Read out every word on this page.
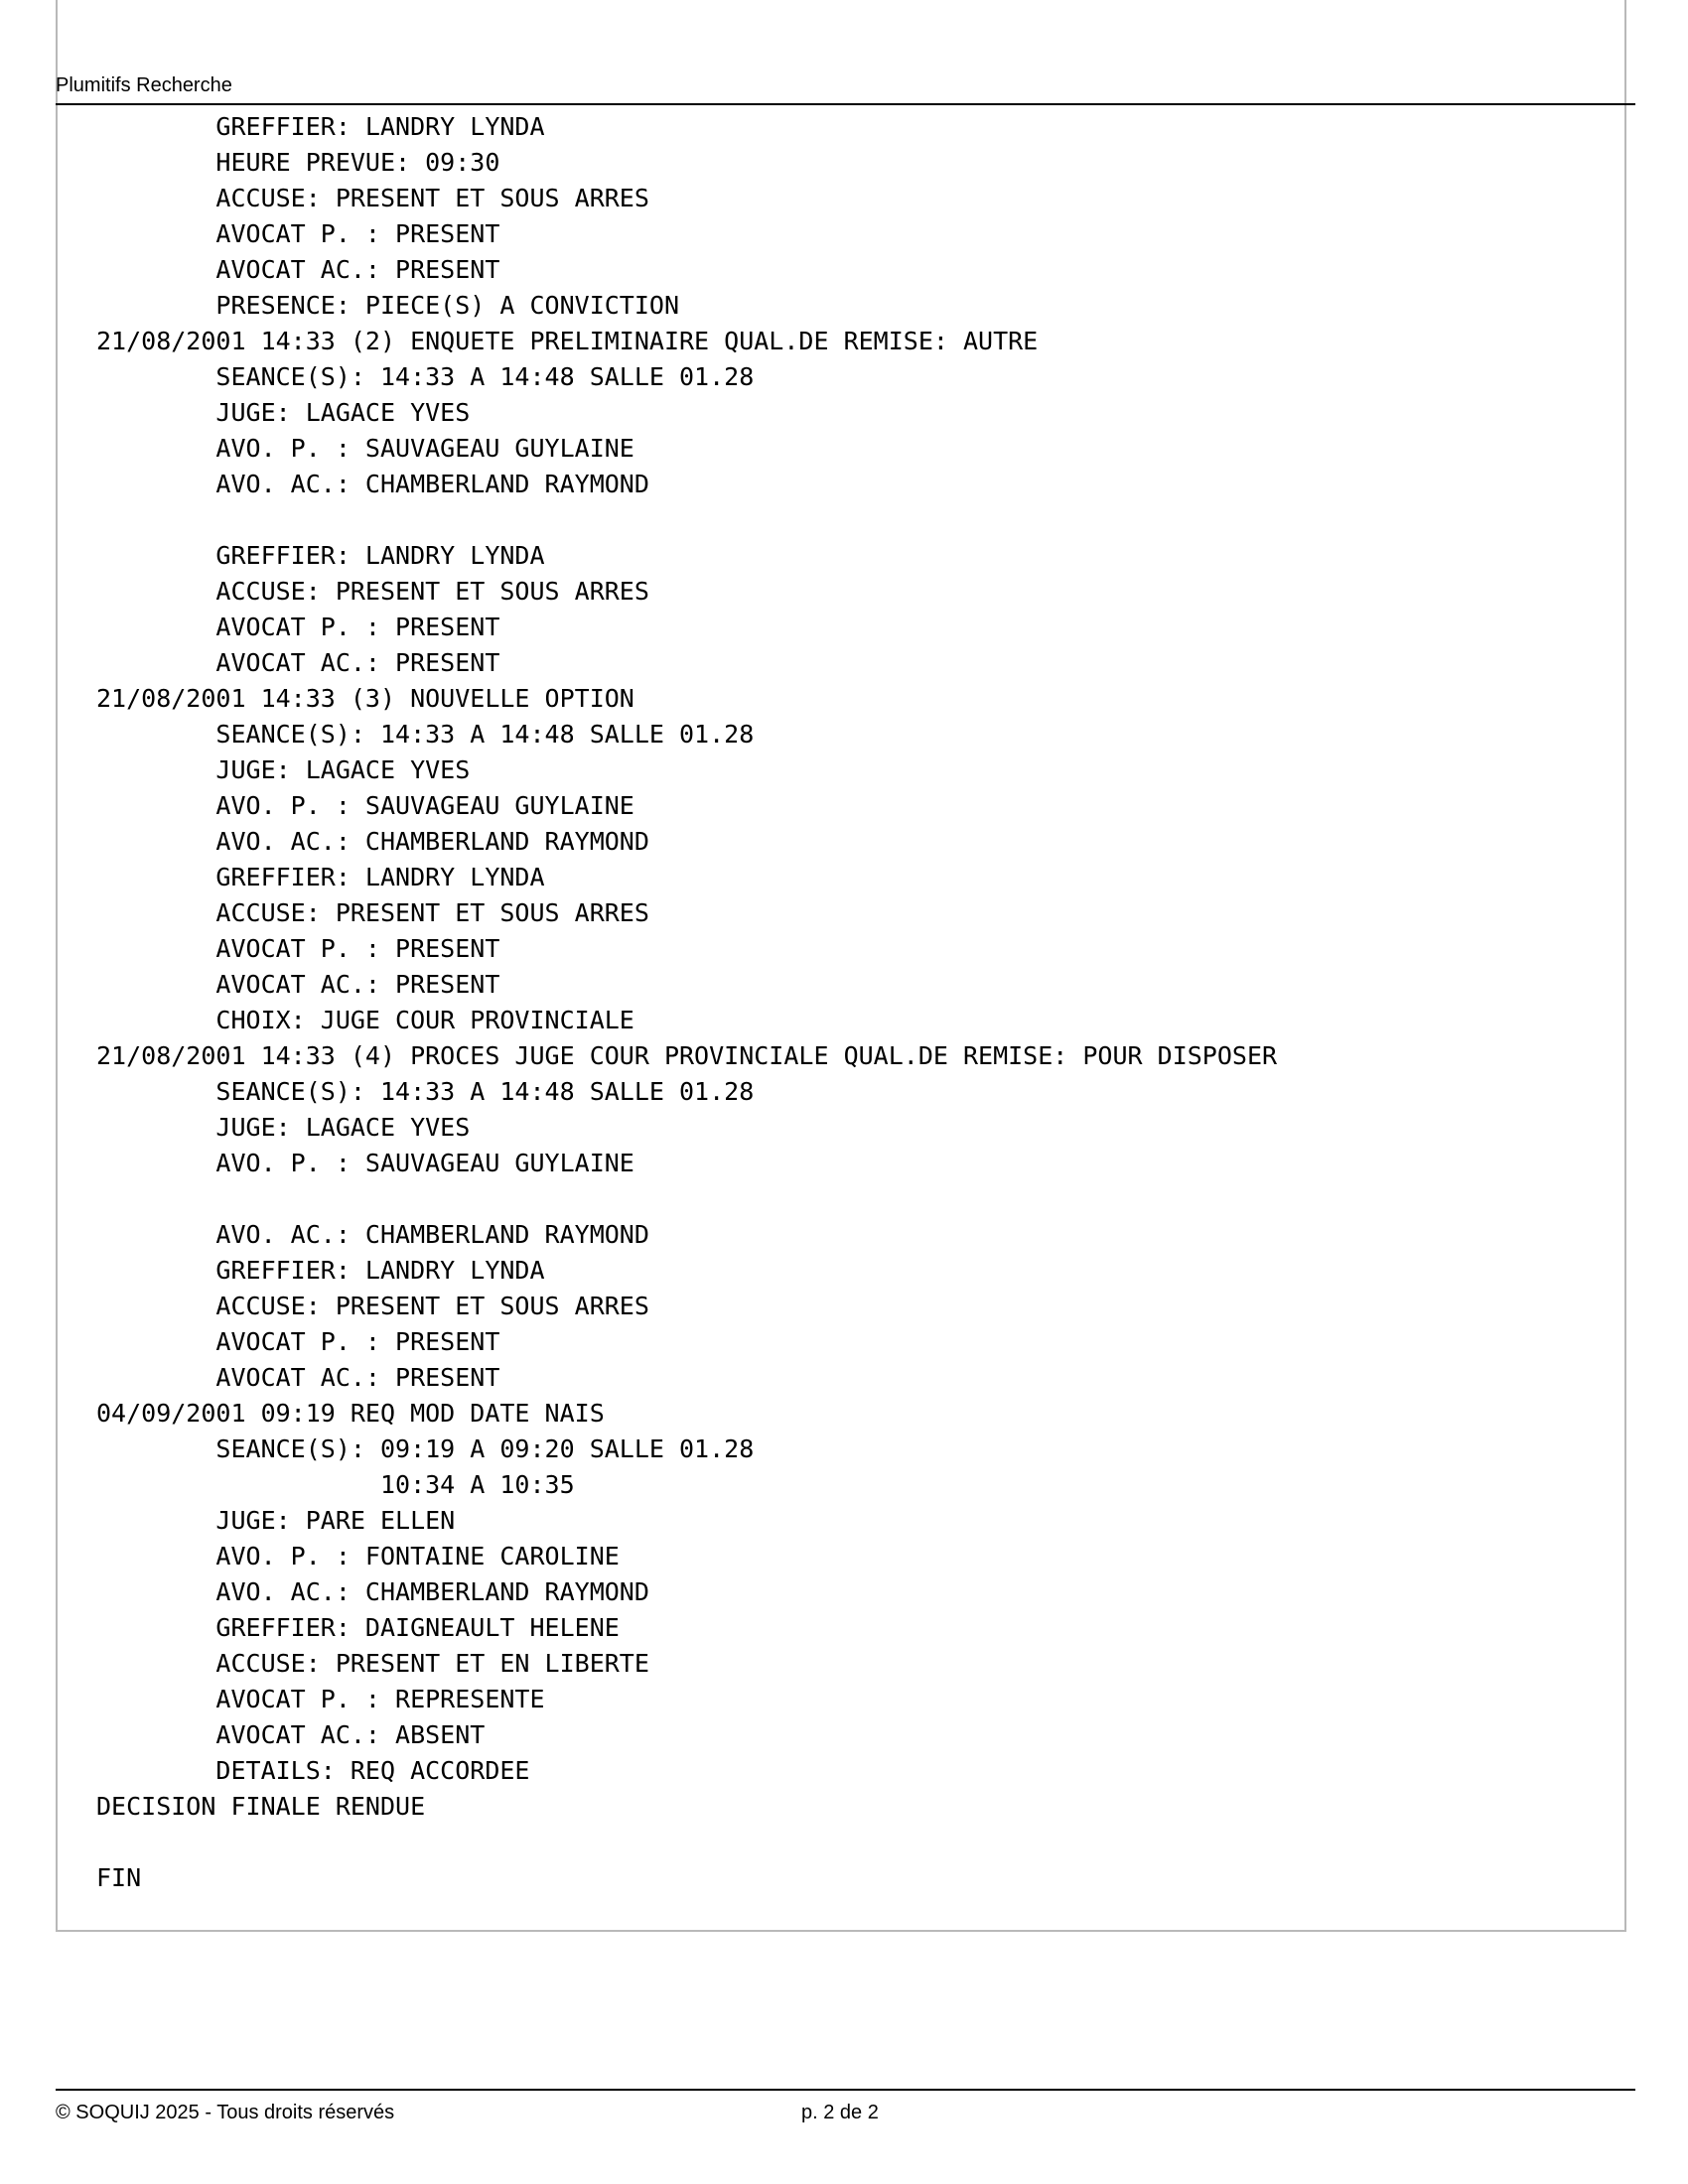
Plumitifs Recherche
GREFFIER: LANDRY LYNDA
HEURE PREVUE: 09:30
ACCUSE: PRESENT ET SOUS ARRES
AVOCAT P. : PRESENT
AVOCAT AC.: PRESENT
PRESENCE: PIECE(S) A CONVICTION
21/08/2001 14:33 (2) ENQUETE PRELIMINAIRE QUAL.DE REMISE: AUTRE
SEANCE(S): 14:33 A 14:48 SALLE 01.28
JUGE: LAGACE YVES
AVO. P. : SAUVAGEAU GUYLAINE
AVO. AC.: CHAMBERLAND RAYMOND
GREFFIER: LANDRY LYNDA
ACCUSE: PRESENT ET SOUS ARRES
AVOCAT P. : PRESENT
AVOCAT AC.: PRESENT
21/08/2001 14:33 (3) NOUVELLE OPTION
SEANCE(S): 14:33 A 14:48 SALLE 01.28
JUGE: LAGACE YVES
AVO. P. : SAUVAGEAU GUYLAINE
AVO. AC.: CHAMBERLAND RAYMOND
GREFFIER: LANDRY LYNDA
ACCUSE: PRESENT ET SOUS ARRES
AVOCAT P. : PRESENT
AVOCAT AC.: PRESENT
CHOIX: JUGE COUR PROVINCIALE
21/08/2001 14:33 (4) PROCES JUGE COUR PROVINCIALE QUAL.DE REMISE: POUR DISPOSER
SEANCE(S): 14:33 A 14:48 SALLE 01.28
JUGE: LAGACE YVES
AVO. P. : SAUVAGEAU GUYLAINE
AVO. AC.: CHAMBERLAND RAYMOND
GREFFIER: LANDRY LYNDA
ACCUSE: PRESENT ET SOUS ARRES
AVOCAT P. : PRESENT
AVOCAT AC.: PRESENT
04/09/2001 09:19 REQ MOD DATE NAIS
SEANCE(S): 09:19 A 09:20 SALLE 01.28
10:34 A 10:35
JUGE: PARE ELLEN
AVO. P. : FONTAINE CAROLINE
AVO. AC.: CHAMBERLAND RAYMOND
GREFFIER: DAIGNEAULT HELENE
ACCUSE: PRESENT ET EN LIBERTE
AVOCAT P. : REPRESENTE
AVOCAT AC.: ABSENT
DETAILS: REQ ACCORDEE
DECISION FINALE RENDUE
FIN
© SOQUIJ 2025 - Tous droits réservés	p. 2 de 2
